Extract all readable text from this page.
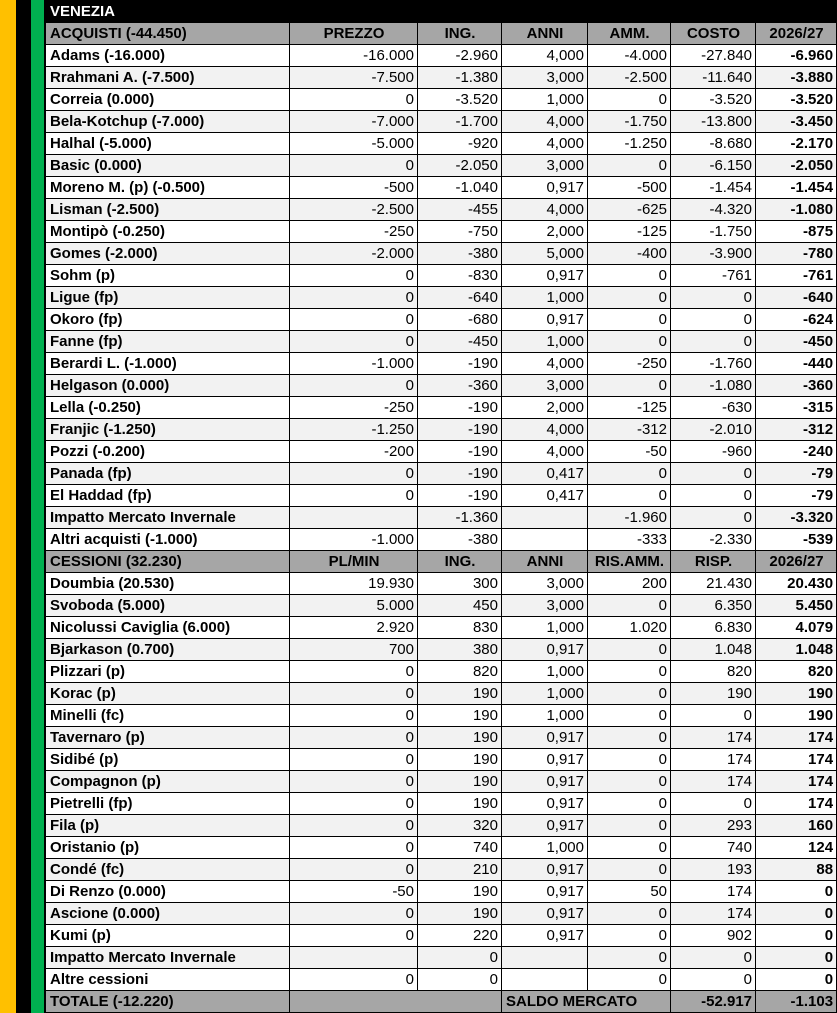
VENEZIA						
ACQUISTI (-44.450)	PREZZO	ING.	ANNI	AMM.	COSTO	2026/27
Adams (-16.000)	-16.000	-2.960	4,000	-4.000	-27.840	-6.960
Rrahmani A. (-7.500)	-7.500	-1.380	3,000	-2.500	-11.640	-3.880
Correia (0.000)	0	-3.520	1,000	0	-3.520	-3.520
Bela-Kotchup (-7.000)	-7.000	-1.700	4,000	-1.750	-13.800	-3.450
Halhal (-5.000)	-5.000	-920	4,000	-1.250	-8.680	-2.170
Basic (0.000)	0	-2.050	3,000	0	-6.150	-2.050
Moreno M. (p) (-0.500)	-500	-1.040	0,917	-500	-1.454	-1.454
Lisman (-2.500)	-2.500	-455	4,000	-625	-4.320	-1.080
Montipò (-0.250)	-250	-750	2,000	-125	-1.750	-875
Gomes (-2.000)	-2.000	-380	5,000	-400	-3.900	-780
Sohm (p)	0	-830	0,917	0	-761	-761
Ligue (fp)	0	-640	1,000	0	0	-640
Okoro (fp)	0	-680	0,917	0	0	-624
Fanne (fp)	0	-450	1,000	0	0	-450
Berardi L. (-1.000)	-1.000	-190	4,000	-250	-1.760	-440
Helgason (0.000)	0	-360	3,000	0	-1.080	-360
Lella (-0.250)	-250	-190	2,000	-125	-630	-315
Franjic (-1.250)	-1.250	-190	4,000	-312	-2.010	-312
Pozzi (-0.200)	-200	-190	4,000	-50	-960	-240
Panada (fp)	0	-190	0,417	0	0	-79
El Haddad (fp)	0	-190	0,417	0	0	-79
Impatto Mercato Invernale		-1.360		-1.960	0	-3.320
Altri acquisti (-1.000)	-1.000	-380		-333	-2.330	-539
CESSIONI (32.230)	PL/MIN	ING.	ANNI	RIS.AMM.	RISP.	2026/27
Doumbia (20.530)	19.930	300	3,000	200	21.430	20.430
Svoboda (5.000)	5.000	450	3,000	0	6.350	5.450
Nicolussi Caviglia (6.000)	2.920	830	1,000	1.020	6.830	4.079
Bjarkason (0.700)	700	380	0,917	0	1.048	1.048
Plizzari (p)	0	820	1,000	0	820	820
Korac (p)	0	190	1,000	0	190	190
Minelli (fc)	0	190	1,000	0	0	190
Tavernaro (p)	0	190	0,917	0	174	174
Sidibé (p)	0	190	0,917	0	174	174
Compagnon (p)	0	190	0,917	0	174	174
Pietrelli (fp)	0	190	0,917	0	0	174
Fila (p)	0	320	0,917	0	293	160
Oristanio (p)	0	740	1,000	0	740	124
Condé (fc)	0	210	0,917	0	193	88
Di Renzo (0.000)	-50	190	0,917	50	174	0
Ascione (0.000)	0	190	0,917	0	174	0
Kumi (p)	0	220	0,917	0	902	0
Impatto Mercato Invernale		0		0	0	0
Altre cessioni	0	0		0	0	0
TOTALE (-12.220)			SALDO MERCATO		-52.917	-1.103
